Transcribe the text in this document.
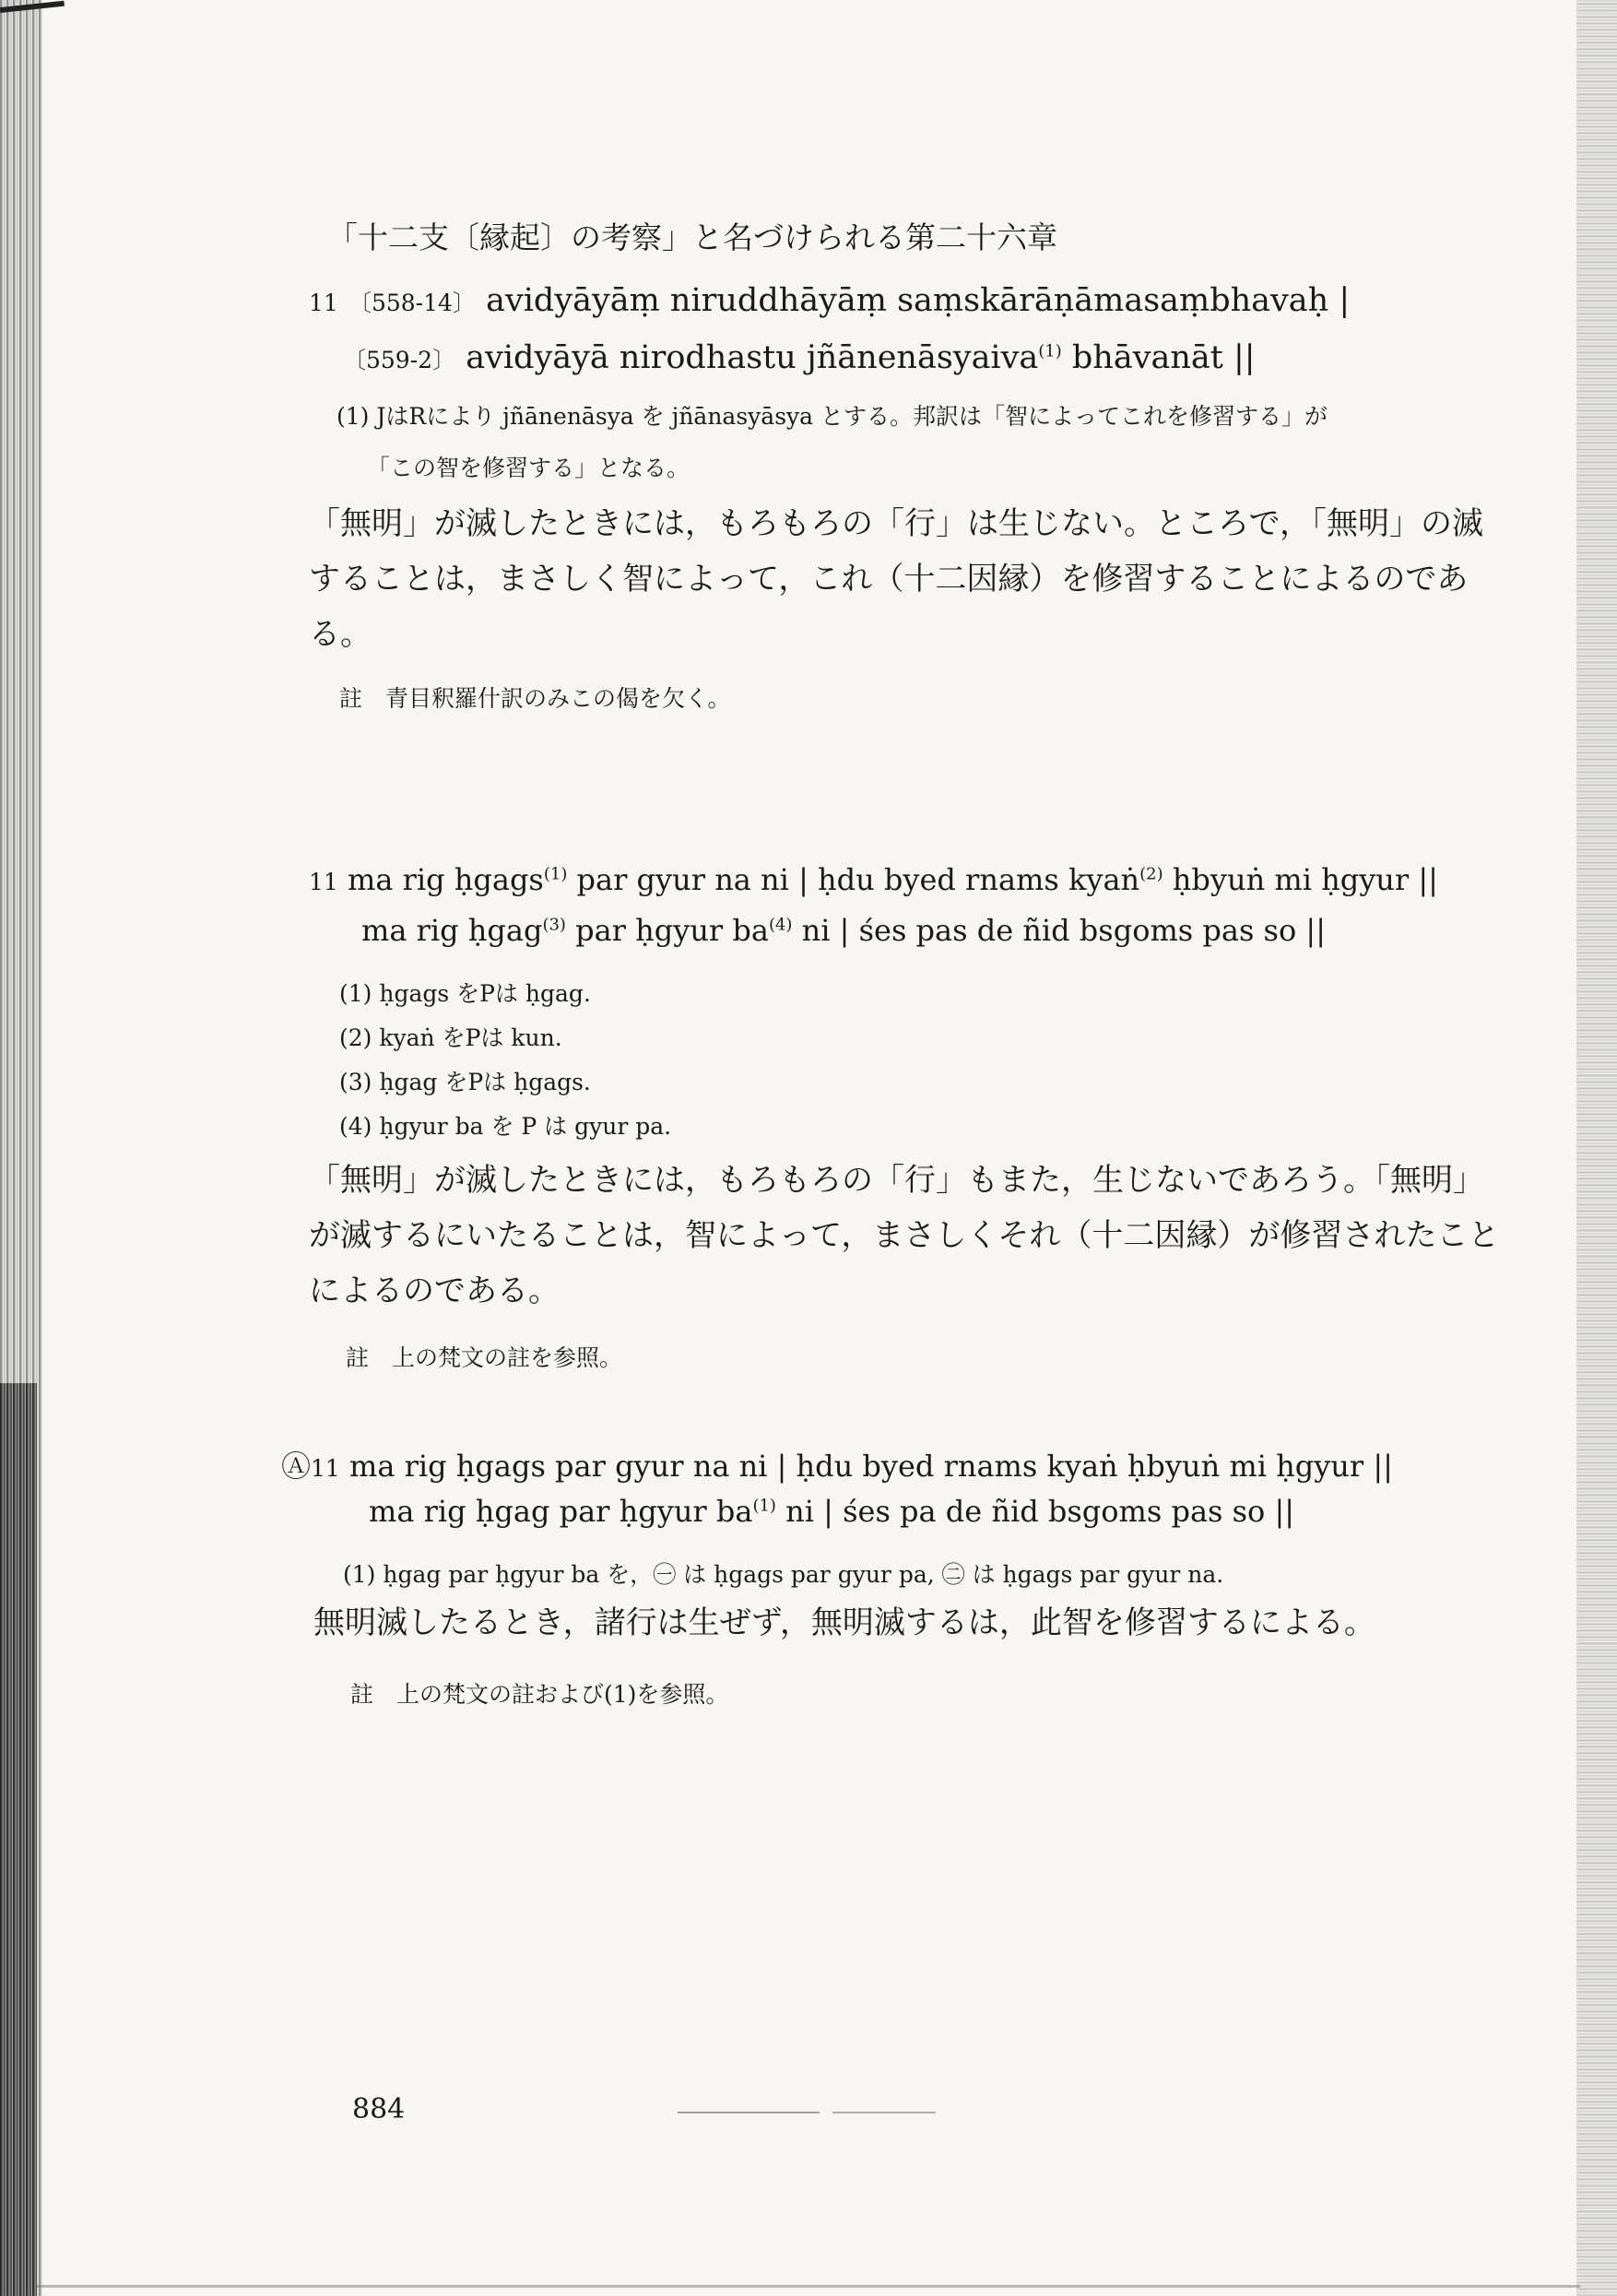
「十二支〔縁起〕の考察」と名づけられる第二十六章
11 〔558-14〕 avidyāyāṃ niruddhāyāṃ saṃskārāṇāmasaṃbhavaḥ |
〔559-2〕 avidyāyā nirodhastu jñānenāsyaiva$^{(1)}$ bhāvanāt ||
(1) JはRにより jñānenāsya を jñānasyāsya とする。邦訳は「智によってこれを修習する」が
「この智を修習する」となる。
「無明」が滅したときには，もろもろの「行」は生じない。ところで，「無明」の滅することは，まさしく智によって，これ（十二因縁）を修習することによるのである。
註　青目釈羅什訳のみこの偈を欠く。
11 ma rig ḥgags$^{(1)}$ par gyur na ni | ḥdu byed rnams kyaṅ$^{(2)}$ ḥbyuṅ mi ḥgyur ||
ma rig ḥgag$^{(3)}$ par ḥgyur $ba^{(4)}$ ni | śes pas de ñid bsgoms pas so ||
(1) ḥgags をPは ḥgag.
(2) kyaṅ をPは kun.
(3) ḥgag をPは ḥgags.
(4) ḥgyur ba を P は gyur pa.
「無明」が滅したときには，もろもろの「行」もまた，生じないであろう。「無明」が滅するにいたることは，智によって，まさしくそれ（十二因縁）が修習されたことによるのである。
註　上の梵文の註を参照。
Ⓐ11 ma rig ḥgags par gyur na ni | ḥdu byed rnams kyaṅ ḥbyuṅ mi ḥgyur ||
ma rig ḥgag par ḥgyur $ba^{(1)}$ ni | śes pa de ñid bsgoms pas so ||
(1) ḥgag par ḥgyur ba を，㊀ は ḥgags par gyur pa, ㊁ は ḥgags par gyur na.
無明滅したるとき，諸行は生ぜず，無明滅するは，此智を修習するによる。
註　上の梵文の註および(1)を参照。
884
